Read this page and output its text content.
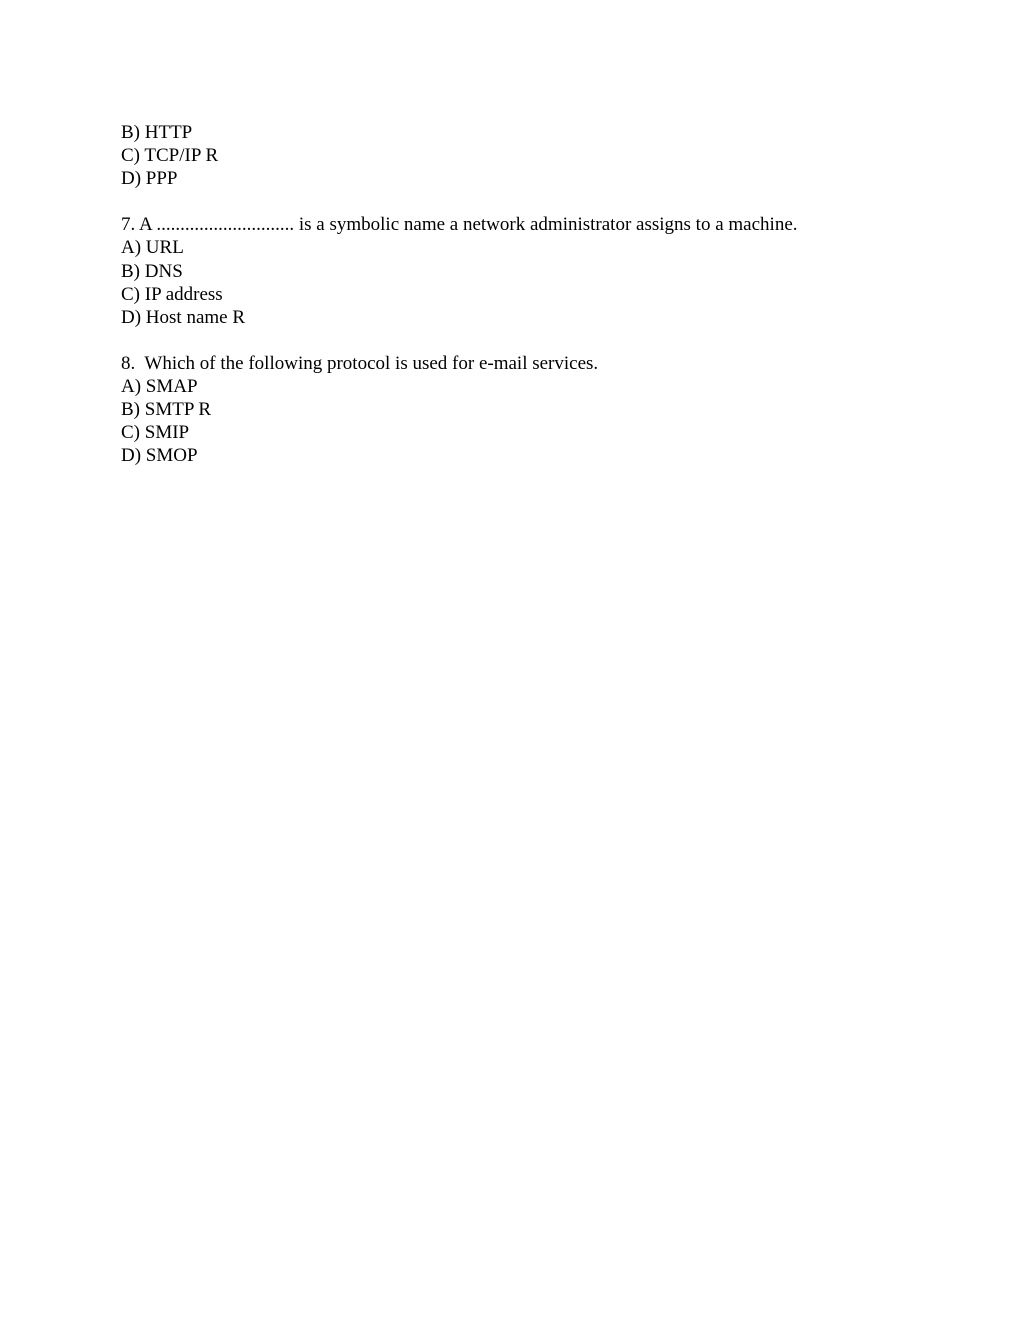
B) HTTP
C) TCP/IP R
D) PPP
7. A ............................. is a symbolic name a network administrator assigns to a machine.
A) URL
B) DNS
C) IP address
D) Host name R
8.  Which of the following protocol is used for e-mail services.
A) SMAP
B) SMTP R
C) SMIP
D) SMOP
